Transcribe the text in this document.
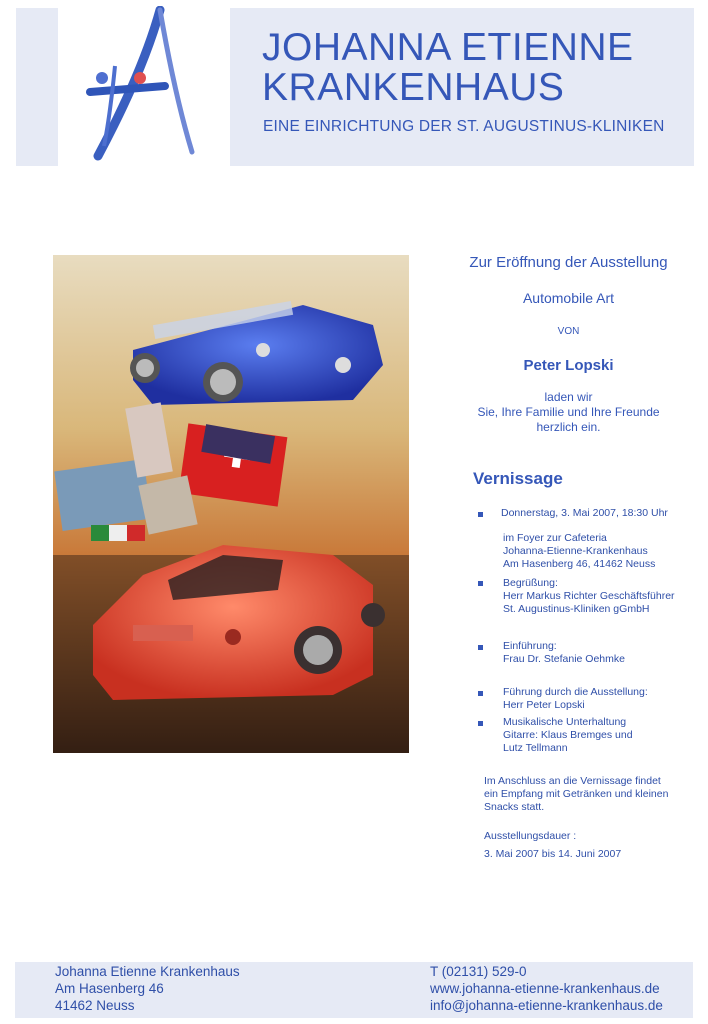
JOHANNA ETIENNE
KRANKENHAUS
EINE EINRICHTUNG DER ST. AUGUSTINUS-KLINIKEN
Zur Eröffnung der Ausstellung
Automobile Art
VON
Peter Lopski
laden wir
Sie, Ihre Familie und Ihre Freunde
herzlich ein.
Vernissage
Donnerstag, 3. Mai 2007, 18:30 Uhr
im Foyer zur Cafeteria
Johanna-Etienne-Krankenhaus
Am Hasenberg 46, 41462 Neuss
Begrüßung:
Herr Markus Richter Geschäftsführer
St. Augustinus-Kliniken gGmbH
Einführung:
Frau Dr. Stefanie Oehmke
Führung durch die Ausstellung:
Herr Peter Lopski
Musikalische Unterhaltung
Gitarre: Klaus Bremges und
Lutz Tellmann
Im Anschluss an die Vernissage findet
ein Empfang mit Getränken und kleinen
Snacks statt.
Ausstellungsdauer :
3. Mai 2007 bis 14. Juni 2007
Johanna Etienne Krankenhaus
Am Hasenberg 46
41462 Neuss
T (02131) 529-0
www.johanna-etienne-krankenhaus.de
info@johanna-etienne-krankenhaus.de
